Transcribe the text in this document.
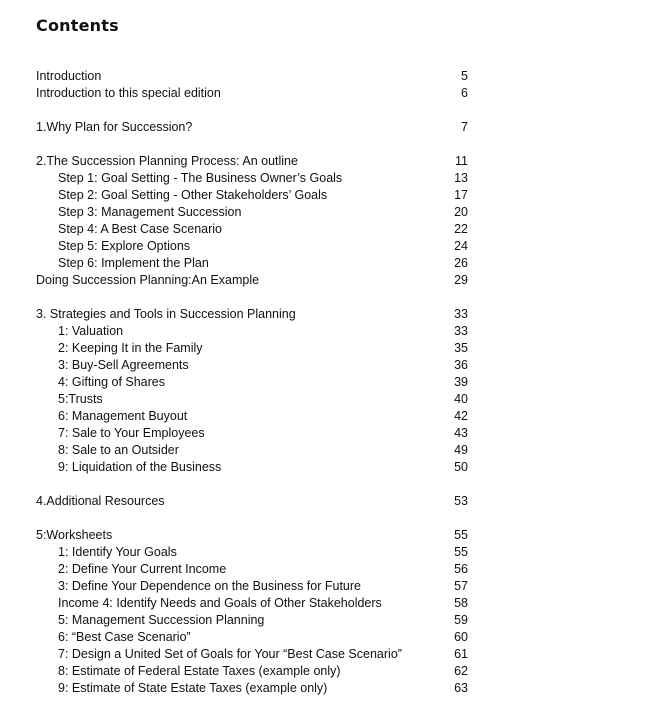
Contents
Introduction	5
Introduction to this special edition	6
1.Why Plan for Succession?	7
2.The Succession Planning Process: An outline	11
Step 1: Goal Setting - The Business Owner’s Goals	13
Step 2: Goal Setting - Other Stakeholders’ Goals	17
Step 3: Management Succession	20
Step 4: A Best Case Scenario	22
Step 5: Explore Options	24
Step 6: Implement the Plan	26
Doing Succession Planning:An Example	29
3. Strategies and Tools in Succession Planning	33
1: Valuation	33
2: Keeping It in the Family	35
3: Buy-Sell Agreements	36
4: Gifting of Shares	39
5:Trusts	40
6: Management Buyout	42
7: Sale to Your Employees	43
8: Sale to an Outsider	49
9: Liquidation of the Business	50
4.Additional Resources	53
5:Worksheets	55
1: Identify Your Goals	55
2: Define Your Current Income	56
3: Define Your Dependence on the Business for Future	57
Income 4: Identify Needs and Goals of Other Stakeholders	58
5: Management Succession Planning	59
6: “Best Case Scenario”	60
7: Design a United Set of Goals for Your “Best Case Scenario”	61
8: Estimate of Federal Estate Taxes (example only)	62
9: Estimate of State Estate Taxes (example only)	63
